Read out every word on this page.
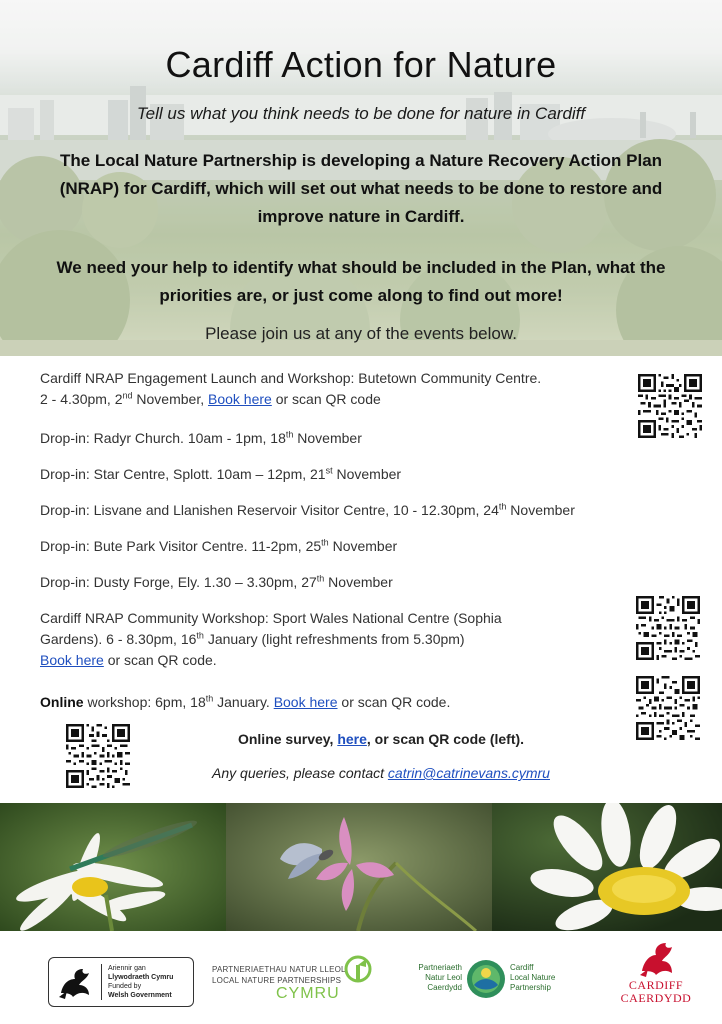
Cardiff Action for Nature

Tell us what you think needs to be done for nature in Cardiff

The Local Nature Partnership is developing a Nature Recovery Action Plan (NRAP) for Cardiff, which will set out what needs to be done to restore and improve nature in Cardiff.

We need your help to identify what should be included in the Plan, what the priorities are, or just come along to find out more!

Please join us at any of the events below.

Cardiff NRAP Engagement Launch and Workshop: Butetown Community Centre.
2 - 4.30pm, 2nd November, Book here or scan QR code
Drop-in: Radyr Church. 10am - 1pm, 18th November
Drop-in: Star Centre, Splott. 10am – 12pm, 21st November
Drop-in: Lisvane and Llanishen Reservoir Visitor Centre, 10 - 12.30pm, 24th November
Drop-in: Bute Park Visitor Centre. 11-2pm, 25th November
Drop-in: Dusty Forge, Ely. 1.30 – 3.30pm, 27th November
Cardiff NRAP Community Workshop: Sport Wales National Centre (Sophia
Gardens). 6 - 8.30pm, 16th January (light refreshments from 5.30pm)
Book here or scan QR code.
Online workshop: 6pm, 18th January. Book here or scan QR code.
Online survey, here, or scan QR code (left).
Any queries, please contact catrin@catrinevans.cymru
Ariennir gan
Llywodraeth Cymru
Funded by
Welsh Government
PARTNERIAETHAU NATUR LLEOL
LOCAL NATURE PARTNERSHIPS
CYMRU
Partneriaeth
Natur Leol
Caerdydd
Cardiff
Local Nature
Partnership	CARDIFF
CAERDYDD
